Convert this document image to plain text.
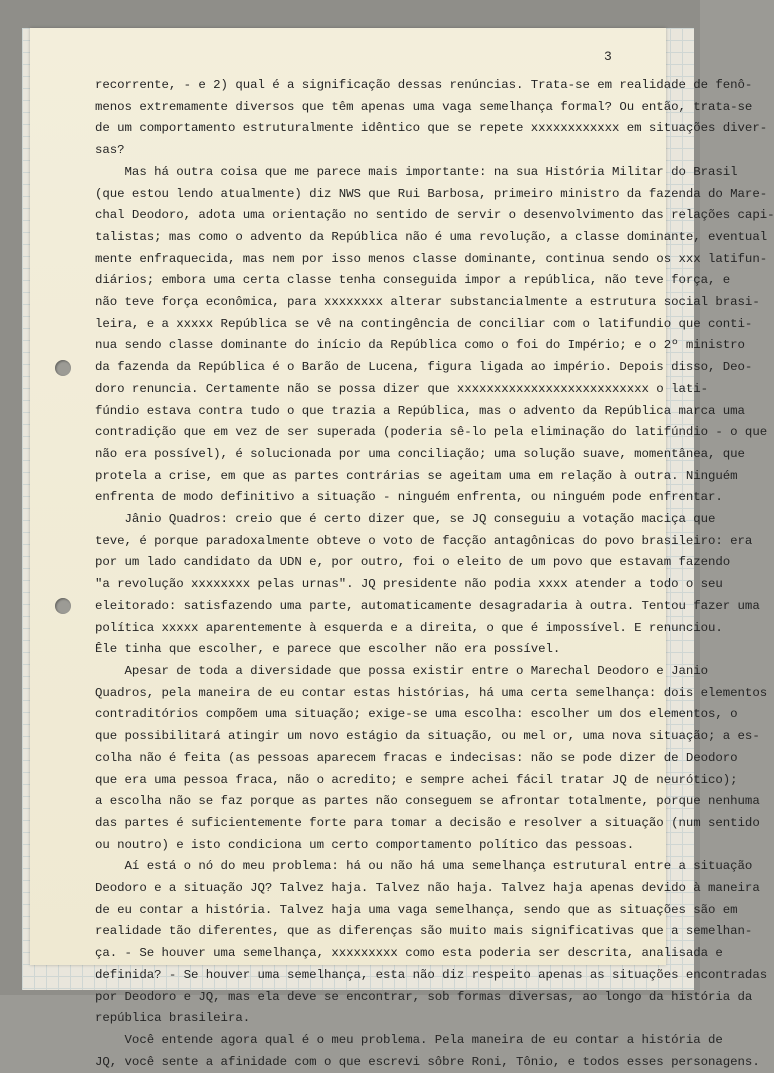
3
recorrente, - e 2) qual é a significação dessas renúncias. Trata-se em realidade de fenô-
menos extremamente diversos que têm apenas uma vaga semelhança formal? Ou então, trata-se
de um comportamento estruturalmente idêntico que se repete xxxxxxxxxxxx em situações diver-
sas?
Mas há outra coisa que me parece mais importante: na sua História Militar do Brasil
(que estou lendo atualmente) diz NWS que Rui Barbosa, primeiro ministro da fazenda do Mare-
chal Deodoro, adota uma orientação no sentido de servir o desenvolvimento das relações capi-
talistas; mas como o advento da República não é uma revolução, a classe dominante, eventual
mente enfraquecida, mas nem por isso menos classe dominante, continua sendo os xxx latifun-
diários; embora uma certa classe tenha conseguida impor a república, não teve força, e
não teve força econômica, para xxxxxxxx alterar substancialmente a estrutura social brasi-
leira, e a xxxxx República se vê na contingência de conciliar com o latifundio que conti-
nua sendo classe dominante do início da República como o foi do Império; e o 2º ministro
da fazenda da República é o Barão de Lucena, figura ligada ao império. Depois disso, Deo-
doro renuncia. Certamente não se possa dizer que xxxxxxxxxxxxxxxxxxxxxxxxxx o lati-
fúndio estava contra tudo o que trazia a República, mas o advento da República marca uma
contradição que em vez de ser superada (poderia sê-lo pela eliminação do latifúndio - o que
não era possível), é solucionada por uma conciliação; uma solução suave, momentânea, que
protela a crise, em que as partes contrárias se ageitam uma em relação à outra. Ninguém
enfrenta de modo definitivo a situação - ninguém enfrenta, ou ninguém pode enfrentar.
Jânio Quadros: creio que é certo dizer que, se JQ conseguiu a votação maciça que
teve, é porque paradoxalmente obteve o voto de facção antagônicas do povo brasileiro: era
por um lado candidato da UDN e, por outro, foi o eleito de um povo que estavam fazendo
"a revolução xxxxxxxx pelas urnas". JQ presidente não podia xxxx atender a todo o seu
eleitorado: satisfazendo uma parte, automaticamente desagradaria à outra. Tentou fazer uma
política xxxxx aparentemente à esquerda e a direita, o que é impossível. E renunciou.
Êle tinha que escolher, e parece que escolher não era possível.
Apesar de toda a diversidade que possa existir entre o Marechal Deodoro e Janio
Quadros, pela maneira de eu contar estas histórias, há uma certa semelhança: dois elementos
contraditórios compõem uma situação; exige-se uma escolha: escolher um dos elementos, o
que possibilitará atingir um novo estágio da situação, ou mel or, uma nova situação; a es-
colha não é feita (as pessoas aparecem fracas e indecisas: não se pode dizer de Deodoro
que era uma pessoa fraca, não o acredito; e sempre achei fácil tratar JQ de neurótico);
a escolha não se faz porque as partes não conseguem se afrontar totalmente, porque nenhuma
das partes é suficientemente forte para tomar a decisão e resolver a situação (num sentido
ou noutro) e isto condiciona um certo comportamento político das pessoas.
Aí está o nó do meu problema: há ou não há uma semelhança estrutural entre a situação
Deodoro e a situação JQ? Talvez haja. Talvez não haja. Talvez haja apenas devido à maneira
de eu contar a história. Talvez haja uma vaga semelhança, sendo que as situações são em
realidade tão diferentes, que as diferenças são muito mais significativas que a semelhan-
ça. - Se houver uma semelhança, xxxxxxxxx como esta poderia ser descrita, analisada e
definida? - Se houver uma semelhança, esta não diz respeito apenas as situações encontradas
por Deodoro e JQ, mas ela deve se encontrar, sob formas diversas, ao longo da história da
república brasileira.
Você entende agora qual é o meu problema. Pela maneira de eu contar a história de
JQ, você sente a afinidade com o que escrevi sôbre Roni, Tônio, e todos esses personagens.
